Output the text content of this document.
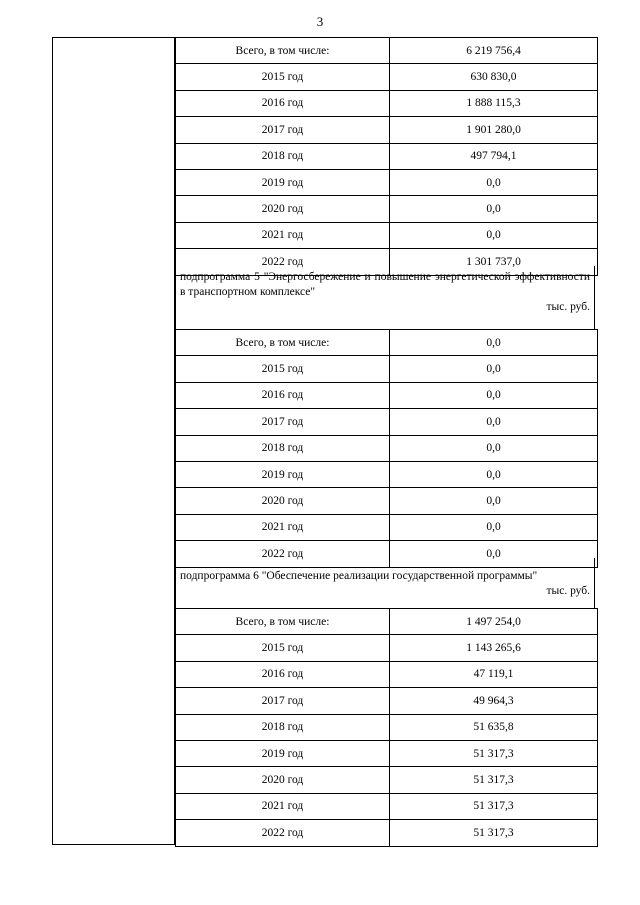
3
Всего, в том числе:	6 219 756,4
2015 год	630 830,0
2016 год	1 888 115,3
2017 год	1 901 280,0
2018 год	497 794,1
2019 год	0,0
2020 год	0,0
2021 год	0,0
2022 год	1 301 737,0
подпрограмма 5 "Энергосбережение и повышение энергетической эффективности в транспортном комплексе"
тыс. руб.
Всего, в том числе:	0,0
2015 год	0,0
2016 год	0,0
2017 год	0,0
2018 год	0,0
2019 год	0,0
2020 год	0,0
2021 год	0,0
2022 год	0,0
подпрограмма 6 "Обеспечение реализации государственной программы"
тыс. руб.
Всего, в том числе:	1 497 254,0
2015 год	1 143 265,6
2016 год	47 119,1
2017 год	49 964,3
2018 год	51 635,8
2019 год	51 317,3
2020 год	51 317,3
2021 год	51 317,3
2022 год	51 317,3
